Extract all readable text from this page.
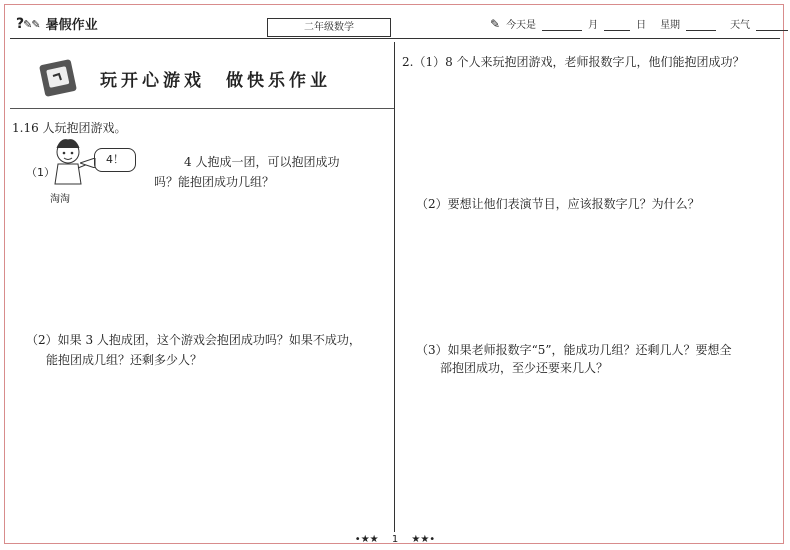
?✎✎ 暑假作业	二年级数学	✎ 今天是	月	日 星期	天气
玩开心游戏　做快乐作业
1.16 人玩抱团游戏。
4！
淘淘
（1）
4 人抱成一团，可以抱团成功
吗？能抱团成功几组？
（2）如果 3 人抱成团，这个游戏会抱团成功吗？如果不成功，
能抱团成几组？还剩多少人？
2.（1）8 个人来玩抱团游戏，老师报数字几，他们能抱团成功？
（2）要想让他们表演节目，应该报数字几？为什么？
（3）如果老师报数字“5”，能成功几组？还剩几人？要想全
部抱团成功，至少还要来几人？
•★★ 1 ★★•
